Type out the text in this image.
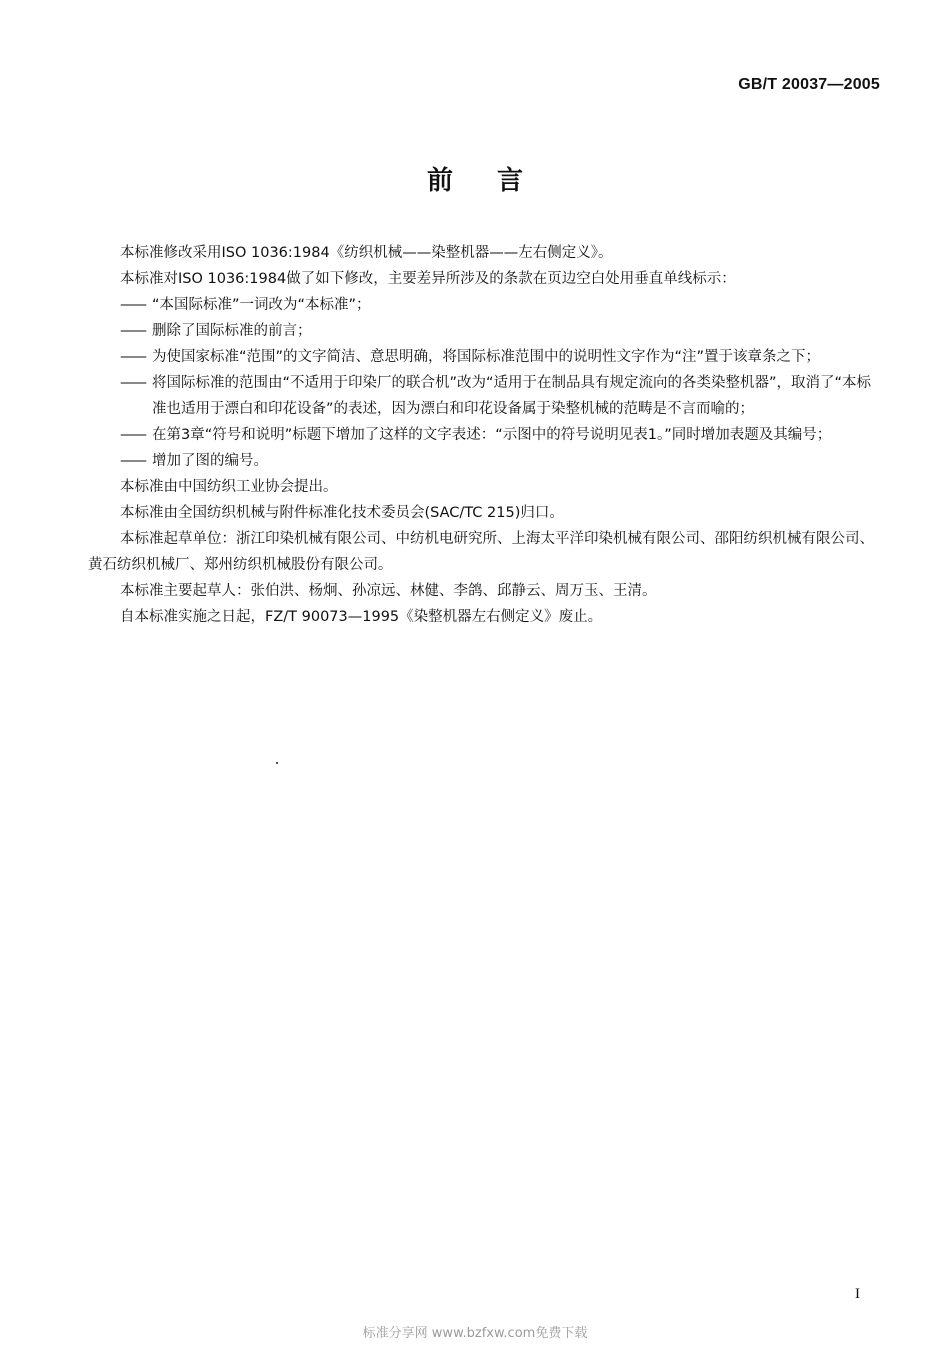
GB/T 20037—2005
前言

本标准修改采用ISO 1036:1984《纺织机械——染整机器——左右侧定义》。

本标准对ISO 1036:1984做了如下修改，主要差异所涉及的条款在页边空白处用垂直单线标示：

—— “本国际标准”一词改为“本标准”；
—— 删除了国际标准的前言；
—— 为使国家标准“范围”的文字简洁、意思明确，将国际标准范围中的说明性文字作为“注”置于该章条之下；
—— 将国际标准的范围由“不适用于印染厂的联合机”改为“适用于在制品具有规定流向的各类染整机器”，取消了“本标准也适用于漂白和印花设备”的表述，因为漂白和印花设备属于染整机械的范畴是不言而喻的；
—— 在第3章“符号和说明”标题下增加了这样的文字表述：“示图中的符号说明见表1。”同时增加表题及其编号；
—— 增加了图的编号。

本标准由中国纺织工业协会提出。

本标准由全国纺织机械与附件标准化技术委员会(SAC/TC 215)归口。

本标准起草单位：浙江印染机械有限公司、中纺机电研究所、上海太平洋印染机械有限公司、邵阳纺织机械有限公司、黄石纺织机械厂、郑州纺织机械股份有限公司。

本标准主要起草人：张伯洪、杨炯、孙凉远、林健、李鸽、邱静云、周万玉、王清。

自本标准实施之日起，FZ/T 90073—1995《染整机器左右侧定义》废止。

I
标准分享网 www.bzfxw.com免费下载
